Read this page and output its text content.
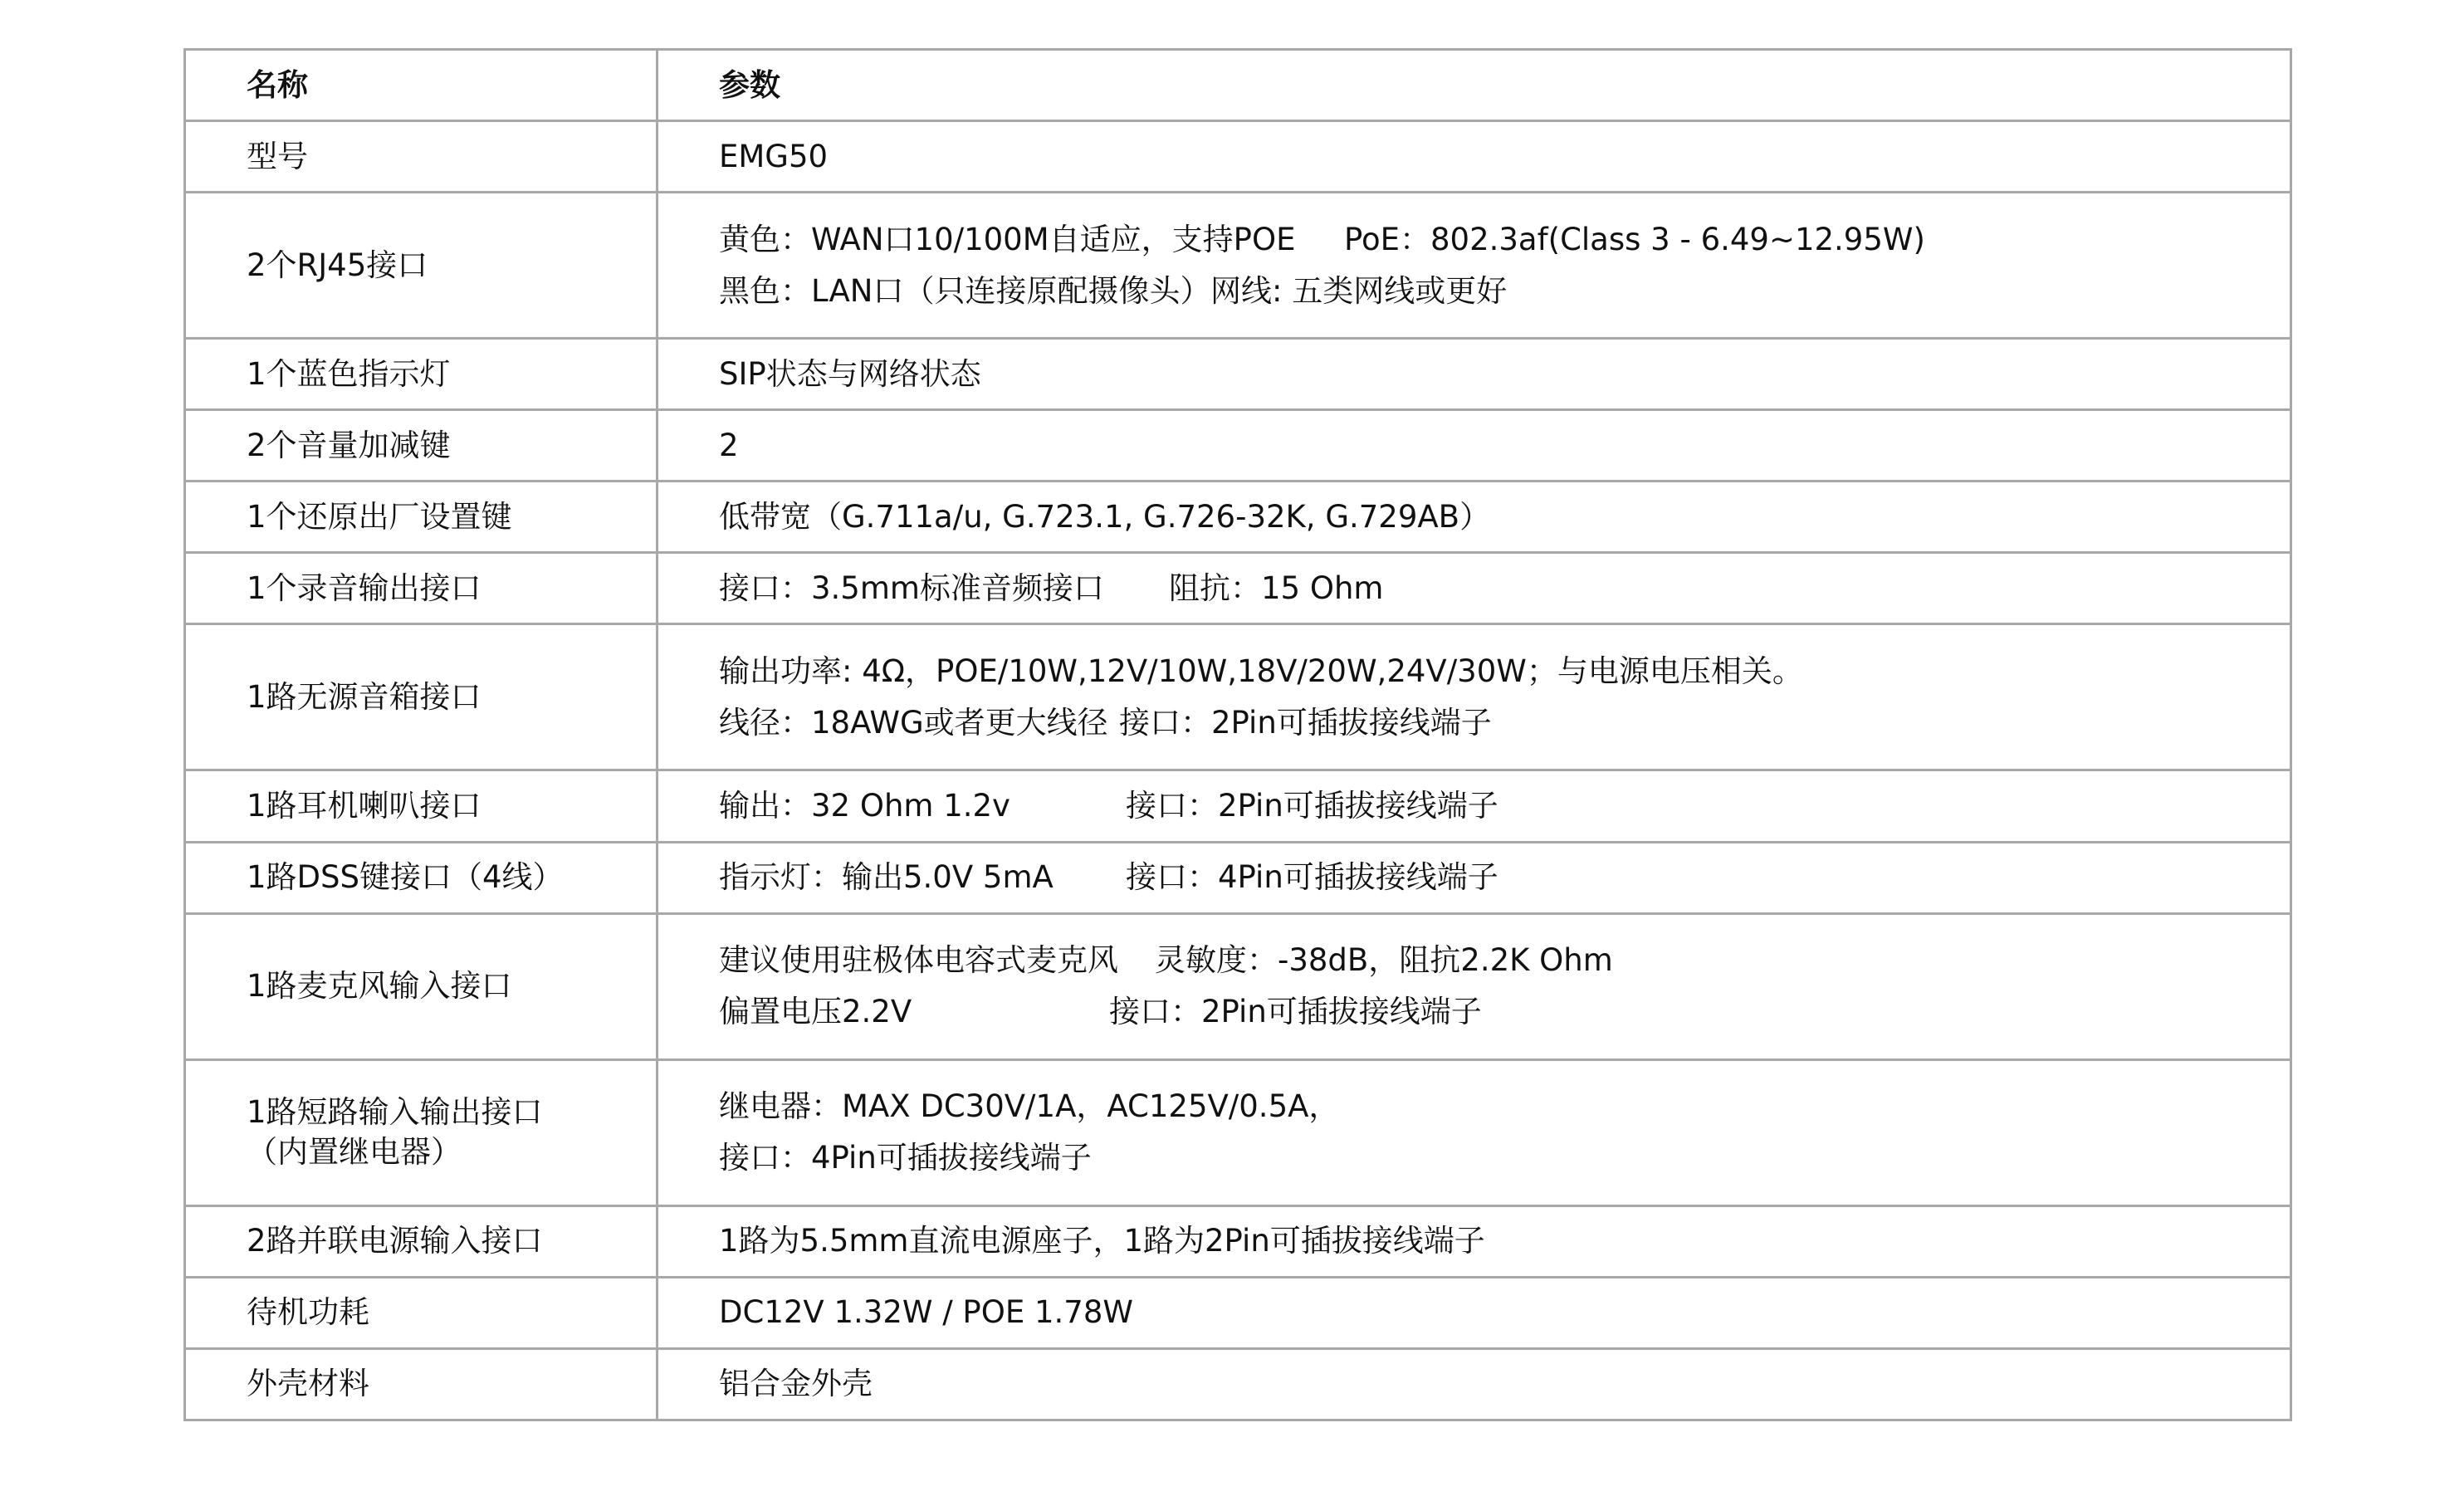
名称	参数

型号	EMG50

2个RJ45接口	黄色：WAN口10/100M自适应，支持POE PoE：802.3af(Class 3 - 6.49~12.95W)
黑色：LAN口（只连接原配摄像头）网线: 五类网线或更好

1个蓝色指示灯	SIP状态与网络状态

2个音量加减键	2

1个还原出厂设置键	低带宽（G.711a/u, G.723.1, G.726-32K, G.729AB）

1个录音输出接口	接口：3.5mm标准音频接口 阻抗：15 Ohm

1路无源音箱接口	输出功率: 4Ω，POE/10W,12V/10W,18V/20W,24V/30W；与电源电压相关。
线径：18AWG或者更大线径 接口：2Pin可插拔接线端子

1路耳机喇叭接口	输出：32 Ohm 1.2v 接口：2Pin可插拔接线端子

1路DSS键接口（4线）	指示灯：输出5.0V 5mA 接口：4Pin可插拔接线端子

1路麦克风输入接口	建议使用驻极体电容式麦克风 灵敏度：-38dB，阻抗2.2K Ohm
偏置电压2.2V 接口：2Pin可插拔接线端子

1路短路输入输出接口
（内置继电器）	继电器：MAX DC30V/1A，AC125V/0.5A，
接口：4Pin可插拔接线端子

2路并联电源输入接口	1路为5.5mm直流电源座子，1路为2Pin可插拔接线端子

待机功耗	DC12V 1.32W / POE 1.78W

外壳材料	铝合金外壳
